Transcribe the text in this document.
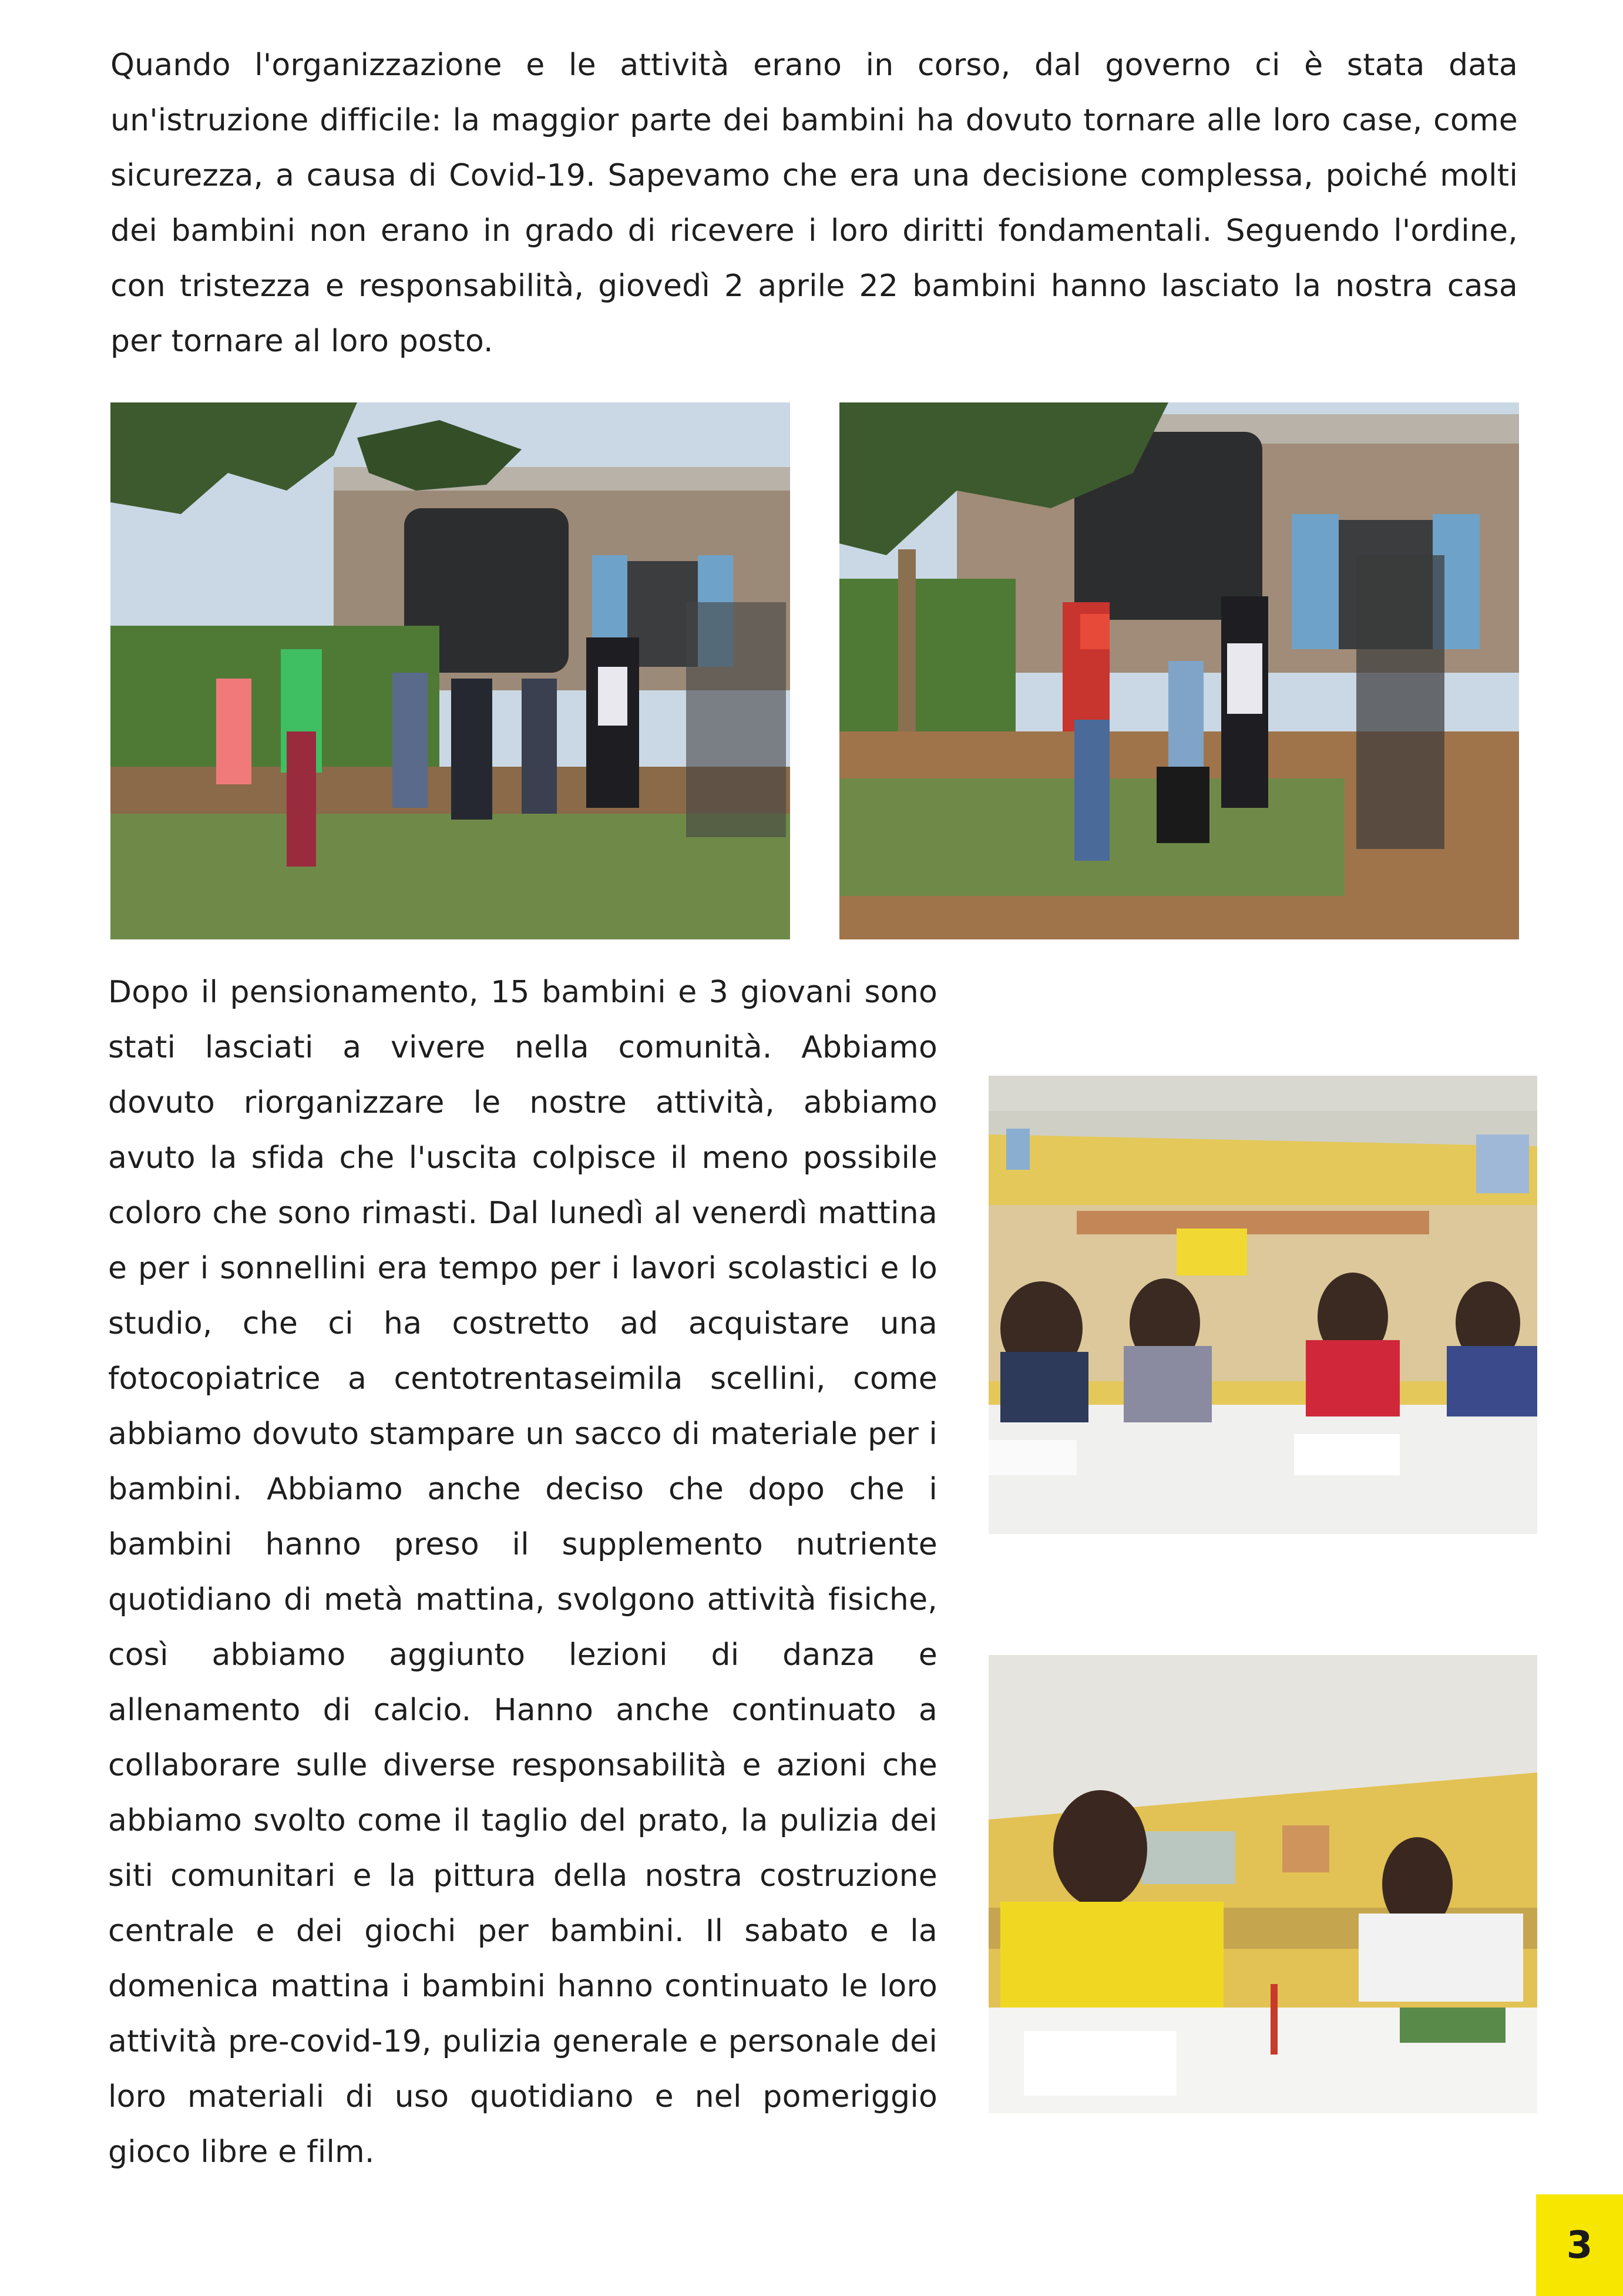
Quando l'organizzazione e le attività erano in corso, dal governo ci è stata data un'istruzione difficile: la maggior parte dei bambini ha dovuto tornare alle loro case, come sicurezza, a causa di Covid-19. Sapevamo che era una decisione complessa, poiché molti dei bambini non erano in grado di ricevere i loro diritti fondamentali. Seguendo l'ordine, con tristezza e responsabilità, giovedì 2 aprile 22 bambini hanno lasciato la nostra casa per tornare al loro posto.

Dopo il pensionamento, 15 bambini e 3 giovani sono stati lasciati a vivere nella comunità. Abbiamo dovuto riorganizzare le nostre attività, abbiamo avuto la sfida che l'uscita colpisce il meno possibile coloro che sono rimasti. Dal lunedì al venerdì mattina e per i sonnellini era tempo per i lavori scolastici e lo studio, che ci ha costretto ad acquistare una fotocopiatrice a centotrentaseimila scellini, come abbiamo dovuto stampare un sacco di materiale per i bambini. Abbiamo anche deciso che dopo che i bambini hanno preso il supplemento nutriente quotidiano di metà mattina, svolgono attività fisiche, così abbiamo aggiunto lezioni di danza e allenamento di calcio. Hanno anche continuato a collaborare sulle diverse responsabilità e azioni che abbiamo svolto come il taglio del prato, la pulizia dei siti comunitari e la pittura della nostra costruzione centrale e dei giochi per bambini. Il sabato e la domenica mattina i bambini hanno continuato le loro attività pre-covid-19, pulizia generale e personale dei loro materiali di uso quotidiano e nel pomeriggio gioco libre e film.

3
